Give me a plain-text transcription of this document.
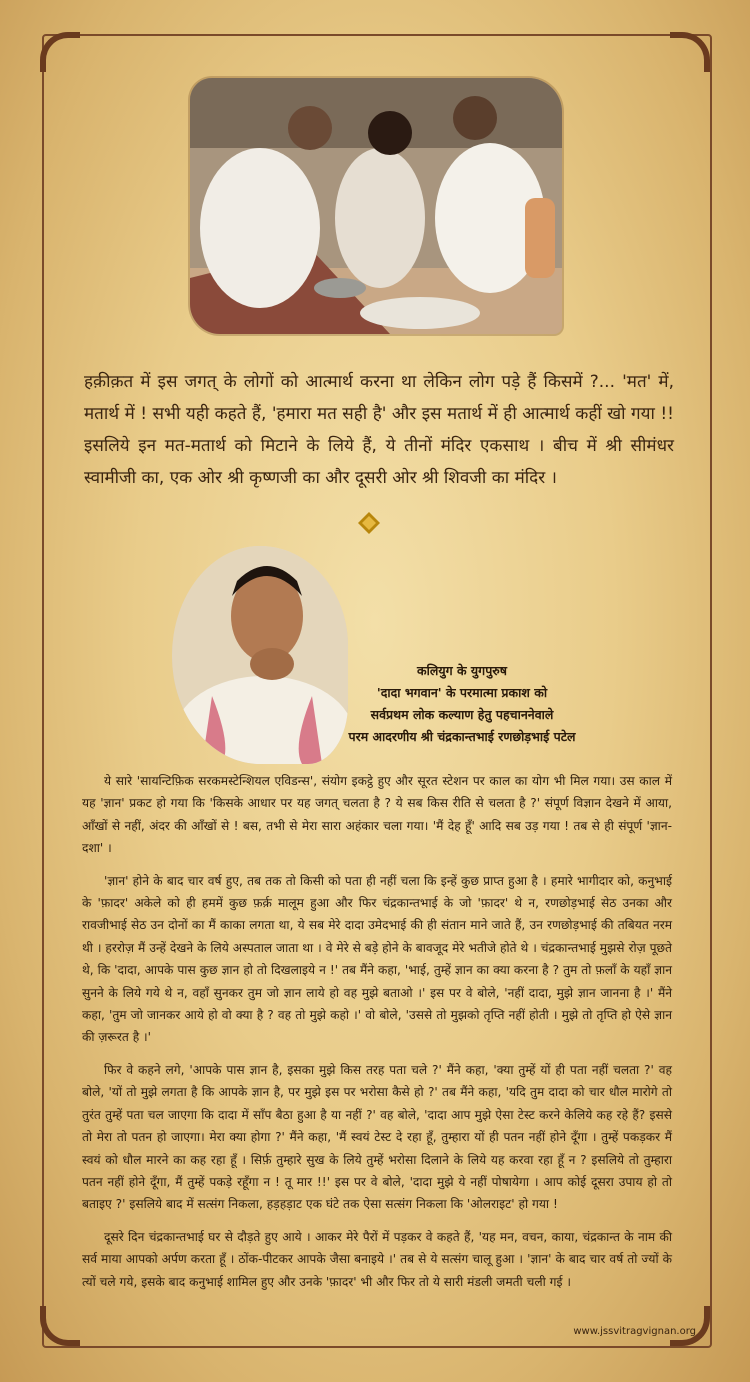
हक़ीक़त में इस जगत् के लोगों को आत्मार्थ करना था लेकिन लोग पड़े हैं किसमें ?... 'मत' में, मतार्थ में ! सभी यही कहते हैं, 'हमारा मत सही है' और इस मतार्थ में ही आत्मार्थ कहीं खो गया !! इसलिये इन मत-मतार्थ को मिटाने के लिये हैं, ये तीनों मंदिर एकसाथ । बीच में श्री सीमंधर स्वामीजी का, एक ओर श्री कृष्णजी का और दूसरी ओर श्री शिवजी का मंदिर ।
कलियुग के युगपुरुष
'दादा भगवान' के परमात्मा प्रकाश को
सर्वप्रथम लोक कल्याण हेतु पहचाननेवाले
परम आदरणीय श्री चंद्रकान्तभाई रणछोड़भाई पटेल

ये सारे 'सायन्टिफ़िक सरकमस्टेन्शियल एविडन्स', संयोग इकट्ठे हुए और सूरत स्टेशन पर काल का योग भी मिल गया। उस काल में यह 'ज्ञान' प्रकट हो गया कि 'किसके आधार पर यह जगत् चलता है ? ये सब किस रीति से चलता है ?' संपूर्ण विज्ञान देखने में आया, आँखों से नहीं, अंदर की आँखों से ! बस, तभी से मेरा सारा अहंकार चला गया। 'मैं देह हूँ' आदि सब उड़ गया ! तब से ही संपूर्ण 'ज्ञान-दशा' ।

'ज्ञान' होने के बाद चार वर्ष हुए, तब तक तो किसी को पता ही नहीं चला कि इन्हें कुछ प्राप्त हुआ है । हमारे भागीदार को, कनुभाई के 'फ़ादर' अकेले को ही हममें कुछ फ़र्क़ मालूम हुआ और फिर चंद्रकान्तभाई के जो 'फ़ादर' थे न, रणछोड़भाई सेठ उनका और रावजीभाई सेठ उन दोनों का मैं काका लगता था, ये सब मेरे दादा उमेदभाई की ही संतान माने जाते हैं, उन रणछोड़भाई की तबियत नरम थी । हररोज़ मैं उन्हें देखने के लिये अस्पताल जाता था । वे मेरे से बड़े होने के बावजूद मेरे भतीजे होते थे । चंद्रकान्तभाई मुझसे रोज़ पूछते थे, कि 'दादा, आपके पास कुछ ज्ञान हो तो दिखलाइये न !' तब मैंने कहा, 'भाई, तुम्हें ज्ञान का क्या करना है ? तुम तो फ़लाँ के यहाँ ज्ञान सुनने के लिये गये थे न, वहाँ सुनकर तुम जो ज्ञान लाये हो वह मुझे बताओ ।' इस पर वे बोले, 'नहीं दादा, मुझे ज्ञान जानना है ।' मैंने कहा, 'तुम जो जानकर आये हो वो क्या है ? वह तो मुझे कहो ।' वो बोले, 'उससे तो मुझको तृप्ति नहीं होती । मुझे तो तृप्ति हो ऐसे ज्ञान की ज़रूरत है ।'

फिर वे कहने लगे, 'आपके पास ज्ञान है, इसका मुझे किस तरह पता चले ?' मैंने कहा, 'क्या तुम्हें यों ही पता नहीं चलता ?' वह बोले, 'यों तो मुझे लगता है कि आपके ज्ञान है, पर मुझे इस पर भरोसा कैसे हो ?' तब मैंने कहा, 'यदि तुम दादा को चार धौल मारोगे तो तुरंत तुम्हें पता चल जाएगा कि दादा में साँप बैठा हुआ है या नहीं ?' वह बोले, 'दादा आप मुझे ऐसा टेस्ट करने केलिये कह रहे हैं? इससे तो मेरा तो पतन हो जाएगा। मेरा क्या होगा ?' मैंने कहा, 'मैं स्वयं टेस्ट दे रहा हूँ, तुम्हारा यों ही पतन नहीं होने दूँगा । तुम्हें पकड़कर मैं स्वयं को धौल मारने का कह रहा हूँ । सिर्फ़ तुम्हारे सुख के लिये तुम्हें भरोसा दिलाने के लिये यह करवा रहा हूँ न ? इसलिये तो तुम्हारा पतन नहीं होने दूँगा, मैं तुम्हें पकड़े रहूँगा न ! तू मार !!' इस पर वे बोले, 'दादा मुझे ये नहीं पोषायेगा । आप कोई दूसरा उपाय हो तो बताइए ?' इसलिये बाद में सत्संग निकला, हड़हड़ाट एक घंटे तक ऐसा सत्संग निकला कि 'ओलराइट' हो गया !

दूसरे दिन चंद्रकान्तभाई घर से दौड़ते हुए आये । आकर मेरे पैरों में पड़कर वे कहते हैं, 'यह मन, वचन, काया, चंद्रकान्त के नाम की सर्व माया आपको अर्पण करता हूँ । ठोंक-पीटकर आपके जैसा बनाइये ।' तब से ये सत्संग चालू हुआ । 'ज्ञान' के बाद चार वर्ष तो ज्यों के त्यों चले गये, इसके बाद कनुभाई शामिल हुए और उनके 'फ़ादर' भी और फिर तो ये सारी मंडली जमती चली गई ।

www.jssvitragvignan.org
